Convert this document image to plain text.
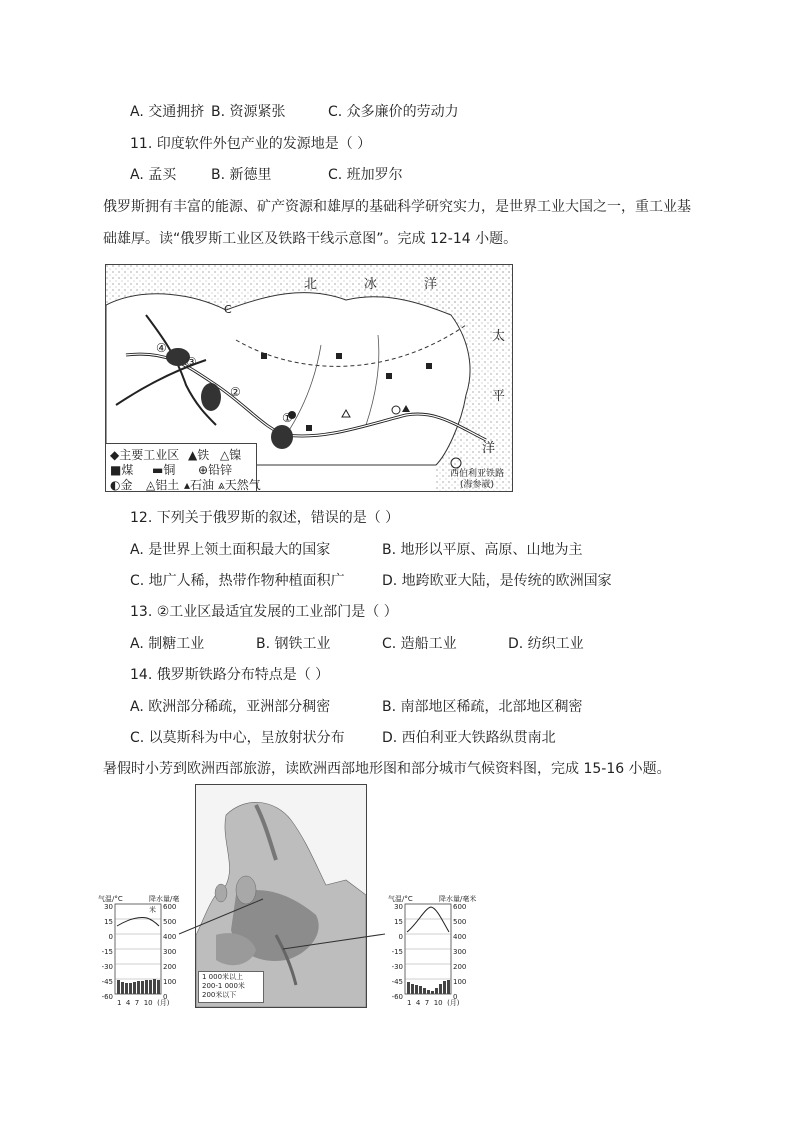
A. 交通拥挤 B. 资源紧张	C. 众多廉价的劳动力
11. 印度软件外包产业的发源地是（ ）
A. 孟买 B. 新德里	C. 班加罗尔
俄罗斯拥有丰富的能源、矿产资源和雄厚的基础科学研究实力，是世界工业大国之一，重工业基
础雄厚。读“俄罗斯工业区及铁路干线示意图”。完成 12-14 小题。
北	冰	洋
太
平
洋
①
②
③
④
C
◆主要工业区 ▲铁 △镍
■煤 ▬铜 ⊕铅锌
◐金 ◬铝土 ▴石油 ⩓天然气
西伯利亚铁路
(海参崴)
12. 下列关于俄罗斯的叙述，错误的是（ ）
A. 是世界上领土面积最大的国家	B. 地形以平原、高原、山地为主
C. 地广人稀，热带作物种植面积广	D. 地跨欧亚大陆，是传统的欧洲国家
13. ②工业区最适宜发展的工业部门是（ ）
A. 制糖工业	B. 钢铁工业	C. 造船工业	D. 纺织工业
14. 俄罗斯铁路分布特点是（ ）
A. 欧洲部分稀疏，亚洲部分稠密	B. 南部地区稀疏，北部地区稠密
C. 以莫斯科为中心，呈放射状分布	D. 西伯利亚大铁路纵贯南北
暑假时小芳到欧洲西部旅游，读欧洲西部地形图和部分城市气候资料图，完成 15-16 小题。
1 000米以上
200-1 000米
200米以下
气温/°C	降水量/毫米
30
15
0
-15
-30
-45
-60
600
500
400
300
200
100
0
1  4  7  10  (月)
气温/°C	降水量/毫米
30
15
0
-15
-30
-45
-60
600
500
400
300
200
100
0
1  4  7  10  (月)
